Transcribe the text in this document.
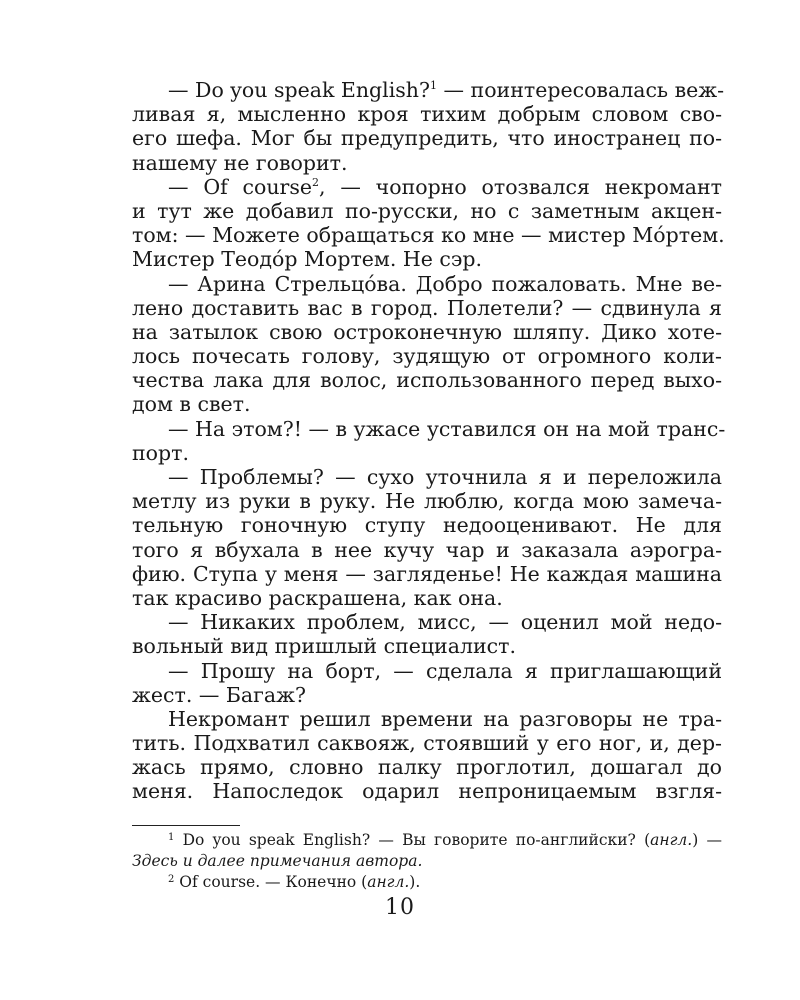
— Do you speak English?$^1$ — поинтересовалась веж-
ливая я, мысленно кроя тихим добрым словом сво-
его шефа. Мог бы предупредить, что иностранец по-
нашему не говорит.
— Of course$^2$, — чопорно отозвался некромант
и тут же добавил по-русски, но с заметным акцен-
том: — Можете обращаться ко мне — мистер Мóртем.
Мистер Теодóр Мортем. Не сэр.
— Арина Стрельцóва. Добро пожаловать. Мне ве-
лено доставить вас в город. Полетели? — сдвинула я
на затылок свою остроконечную шляпу. Дико хоте-
лось почесать голову, зудящую от огромного коли-
чества лака для волос, использованного перед выхо-
дом в свет.
— На этом?! — в ужасе уставился он на мой транс-
порт.
— Проблемы? — сухо уточнила я и переложила
метлу из руки в руку. Не люблю, когда мою замеча-
тельную гоночную ступу недооценивают. Не для
того я вбухала в нее кучу чар и заказала аэрогра-
фию. Ступа у меня — загляденье! Не каждая машина
так красиво раскрашена, как она.
— Никаких проблем, мисс, — оценил мой недо-
вольный вид пришлый специалист.
— Прошу на борт, — сделала я приглашающий
жест. — Багаж?
Некромант решил времени на разговоры не тра-
тить. Подхватил саквояж, стоявший у его ног, и, дер-
жась прямо, словно палку проглотил, дошагал до
меня. Напоследок одарил непроницаемым взгля-
$^1$ Do you speak English? — Вы говорите по-английски? (англ.) —
Здесь и далее примечания автора.
$^2$ Of course. — Конечно (англ.).
10
